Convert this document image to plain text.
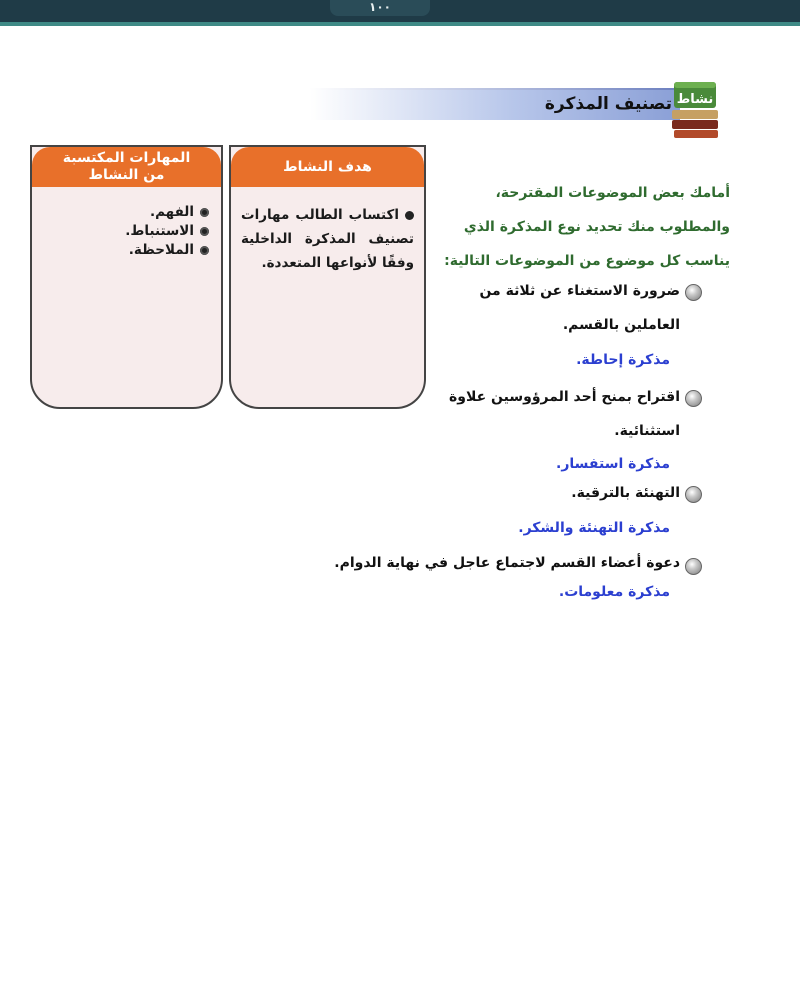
١٠٠
تصنيف المذكرة نشاط
هدف النشاط
اكتساب الطالب مهارات تصنيف المذكرة الداخلية وفقًا لأنواعها المتعددة.
المهارات المكتسبة
من النشاط
الفهم.
الاستنباط.
الملاحظة.
أمامك بعض الموضوعات المقترحة،
والمطلوب منك تحديد نوع المذكرة الذي
يناسب كل موضوع من الموضوعات التالية:
ضرورة الاستغناء عن ثلاثة من
العاملين بالقسم.
مذكرة إحاطة.
اقتراح بمنح أحد المرؤوسين علاوة
استثنائية.
مذكرة استفسار.
التهنئة بالترقية.
مذكرة التهنئة والشكر.
دعوة أعضاء القسم لاجتماع عاجل في نهاية الدوام.
مذكرة معلومات.
